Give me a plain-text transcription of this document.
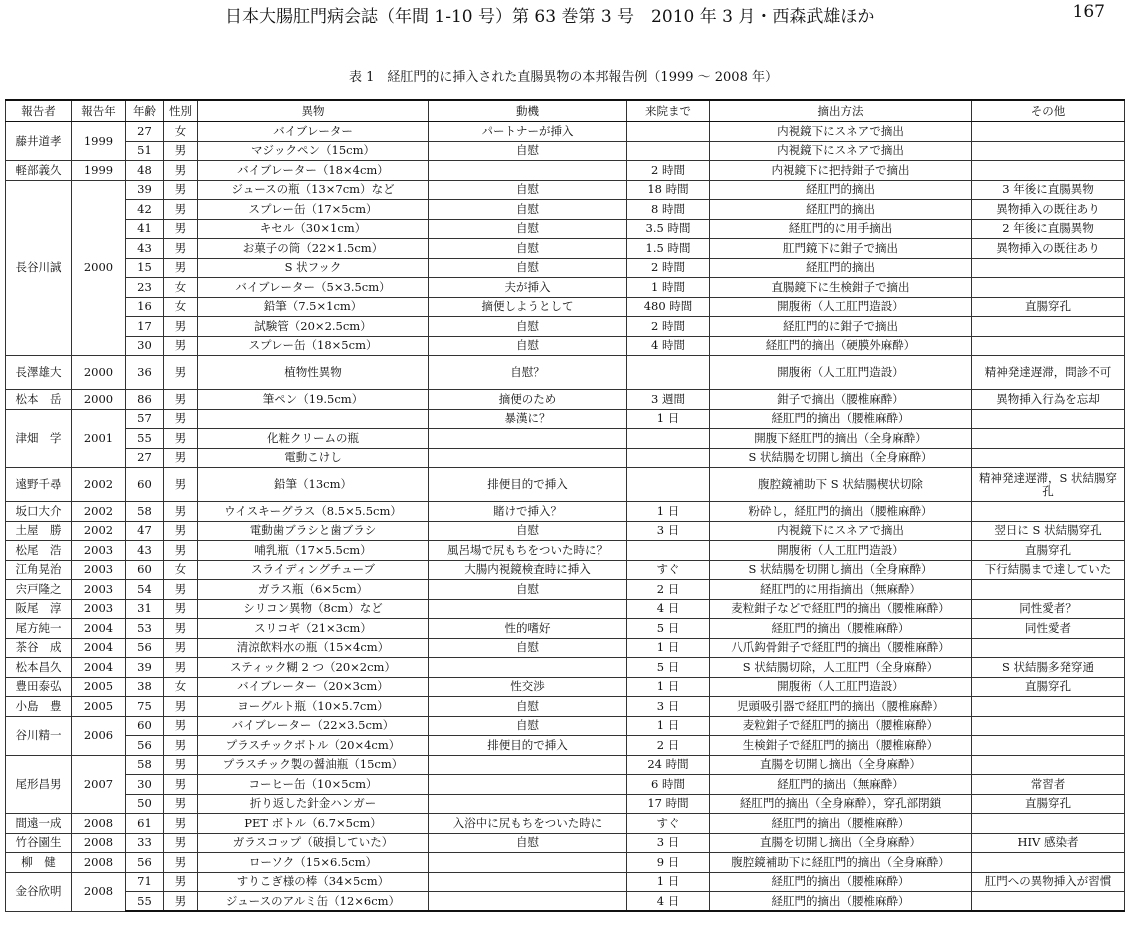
日本大腸肛門病会誌（年間 1-10 号）第 63 巻第 3 号　2010 年 3 月・西森武雄ほか	167
表 1　経肛門的に挿入された直腸異物の本邦報告例（1999 ～ 2008 年）
報告者	報告年	年齢	性別	異物	動機	来院まで	摘出方法	その他
藤井道孝	1999	27	女	バイブレーター	パートナーが挿入		内視鏡下にスネアで摘出	
		51	男	マジックペン（15cm）	自慰		内視鏡下にスネアで摘出	
軽部義久	1999	48	男	バイブレーター（18×4cm）		2 時間	内視鏡下に把持鉗子で摘出	
長谷川誠	2000	39	男	ジュースの瓶（13×7cm）など	自慰	18 時間	経肛門的摘出	3 年後に直腸異物
		42	男	スプレー缶（17×5cm）	自慰	8 時間	経肛門的摘出	異物挿入の既往あり
		41	男	キセル（30×1cm）	自慰	3.5 時間	経肛門的に用手摘出	2 年後に直腸異物
		43	男	お菓子の筒（22×1.5cm）	自慰	1.5 時間	肛門鏡下に鉗子で摘出	異物挿入の既往あり
		15	男	S 状フック	自慰	2 時間	経肛門的摘出	
		23	女	バイブレーター（5×3.5cm）	夫が挿入	1 時間	直腸鏡下に生検鉗子で摘出	
		16	女	鉛筆（7.5×1cm）	摘便しようとして	480 時間	開腹術（人工肛門造設）	直腸穿孔
		17	男	試験管（20×2.5cm）	自慰	2 時間	経肛門的に鉗子で摘出	
		30	男	スプレー缶（18×5cm）	自慰	4 時間	経肛門的摘出（硬膜外麻酔）	
長澤雄大	2000	36	男	植物性異物	自慰？		開腹術（人工肛門造設）	精神発達遅滞，問診不可
松本　岳	2000	86	男	筆ペン（19.5cm）	摘便のため	3 週間	鉗子で摘出（腰椎麻酔）	異物挿入行為を忘却
津畑　学	2001	57	男		暴漢に？	1 日	経肛門的摘出（腰椎麻酔）	
		55	男	化粧クリームの瓶			開腹下経肛門的摘出（全身麻酔）	
		27	男	電動こけし			S 状結腸を切開し摘出（全身麻酔）	
遠野千尋	2002	60	男	鉛筆（13cm）	排便目的で挿入		腹腔鏡補助下 S 状結腸楔状切除	精神発達遅滞，S 状結腸穿孔
坂口大介	2002	58	男	ウイスキーグラス（8.5×5.5cm）	賭けで挿入？	1 日	粉砕し，経肛門的摘出（腰椎麻酔）	
土屋　勝	2002	47	男	電動歯ブラシと歯ブラシ	自慰	3 日	内視鏡下にスネアで摘出	翌日に S 状結腸穿孔
松尾　浩	2003	43	男	哺乳瓶（17×5.5cm）	風呂場で尻もちをついた時に？		開腹術（人工肛門造設）	直腸穿孔
江角晃治	2003	60	女	スライディングチューブ	大腸内視鏡検査時に挿入	すぐ	S 状結腸を切開し摘出（全身麻酔）	下行結腸まで達していた
宍戸隆之	2003	54	男	ガラス瓶（6×5cm）	自慰	2 日	経肛門的に用指摘出（無麻酔）	
阪尾　淳	2003	31	男	シリコン異物（8cm）など		4 日	麦粒鉗子などで経肛門的摘出（腰椎麻酔）	同性愛者？
尾方純一	2004	53	男	スリコギ（21×3cm）	性的嗜好	5 日	経肛門的摘出（腰椎麻酔）	同性愛者
茶谷　成	2004	56	男	清涼飲料水の瓶（15×4cm）	自慰	1 日	八爪鈎骨鉗子で経肛門的摘出（腰椎麻酔）	
松本昌久	2004	39	男	スティック糊 2 つ（20×2cm）		5 日	S 状結腸切除，人工肛門（全身麻酔）	S 状結腸多発穿通
豊田泰弘	2005	38	女	バイブレーター（20×3cm）	性交渉	1 日	開腹術（人工肛門造設）	直腸穿孔
小島　豊	2005	75	男	ヨーグルト瓶（10×5.7cm）	自慰	3 日	児頭吸引器で経肛門的摘出（腰椎麻酔）	
谷川精一	2006	60	男	バイブレーター（22×3.5cm）	自慰	1 日	麦粒鉗子で経肛門的摘出（腰椎麻酔）	
		56	男	プラスチックボトル（20×4cm）	排便目的で挿入	2 日	生検鉗子で経肛門的摘出（腰椎麻酔）	
尾形昌男	2007	58	男	プラスチック製の醤油瓶（15cm）		24 時間	直腸を切開し摘出（全身麻酔）	
		30	男	コーヒー缶（10×5cm）		6 時間	経肛門的摘出（無麻酔）	常習者
		50	男	折り返した針金ハンガー		17 時間	経肛門的摘出（全身麻酔），穿孔部閉鎖	直腸穿孔
間遠一成	2008	61	男	PET ボトル（6.7×5cm）	入浴中に尻もちをついた時に	すぐ	経肛門的摘出（腰椎麻酔）	
竹谷園生	2008	33	男	ガラスコップ（破損していた）	自慰	3 日	直腸を切開し摘出（全身麻酔）	HIV 感染者
柳　健	2008	56	男	ローソク（15×6.5cm）		9 日	腹腔鏡補助下に経肛門的摘出（全身麻酔）	
金谷欣明	2008	71	男	すりこぎ様の棒（34×5cm）		1 日	経肛門的摘出（腰椎麻酔）	肛門への異物挿入が習慣
		55	男	ジュースのアルミ缶（12×6cm）		4 日	経肛門的摘出（腰椎麻酔）	
